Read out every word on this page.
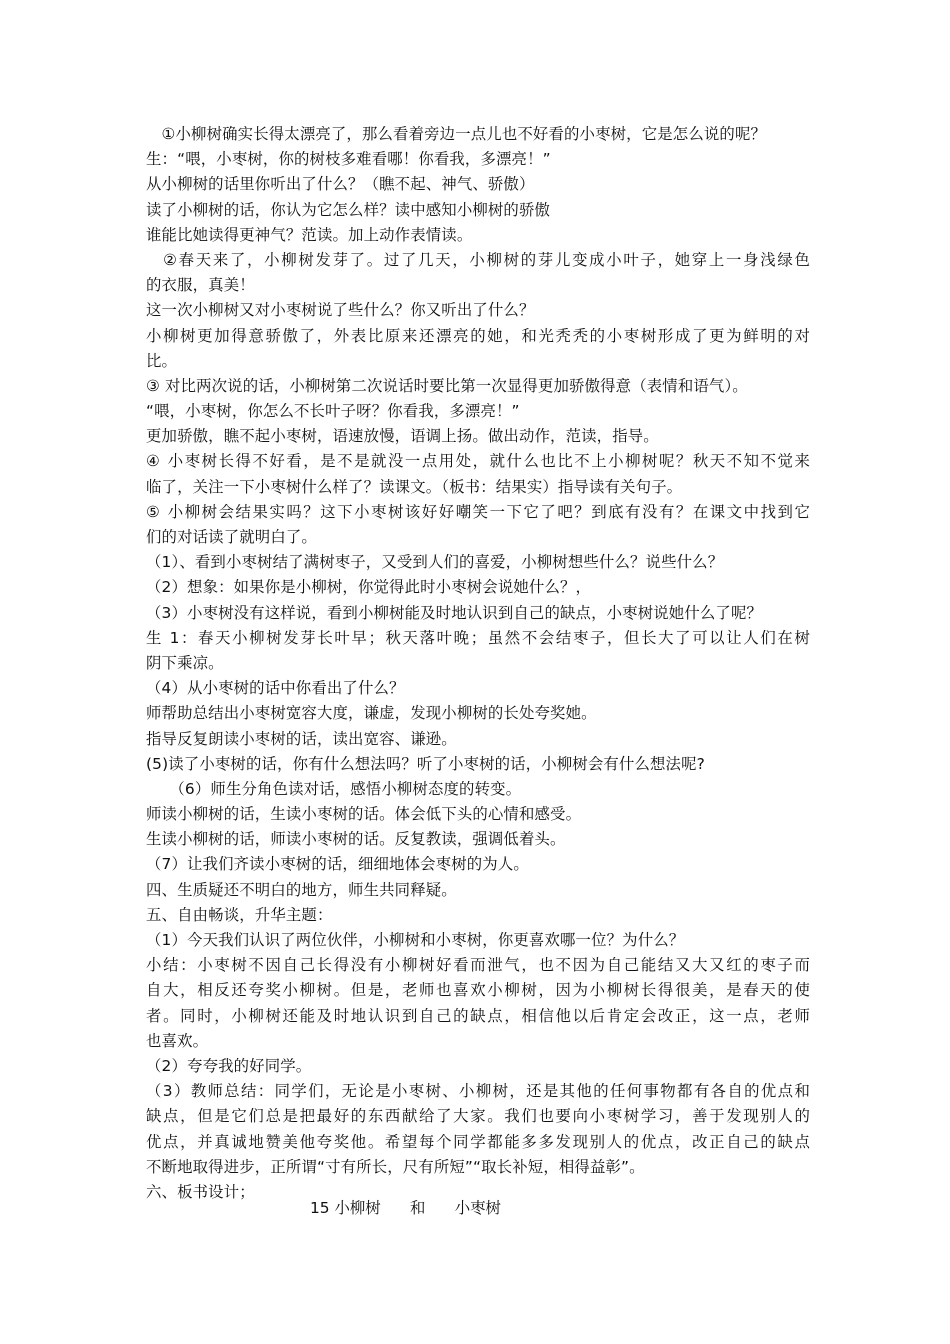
　①小柳树确实长得太漂亮了，那么看着旁边一点儿也不好看的小枣树，它是怎么说的呢？
生：“喂，小枣树，你的树枝多难看哪！你看我，多漂亮！”
从小柳树的话里你听出了什么？（瞧不起、神气、骄傲）
读了小柳树的话，你认为它怎么样？读中感知小柳树的骄傲
谁能比她读得更神气？范读。加上动作表情读。
　②春天来了，小柳树发芽了。过了几天，小柳树的芽儿变成小叶子，她穿上一身浅绿色
的衣服，真美！
这一次小柳树又对小枣树说了些什么？你又听出了什么？
小柳树更加得意骄傲了，外表比原来还漂亮的她，和光秃秃的小枣树形成了更为鲜明的对
比。
③ 对比两次说的话，小柳树第二次说话时要比第一次显得更加骄傲得意（表情和语气）。
“喂，小枣树，你怎么不长叶子呀？你看我，多漂亮！”
更加骄傲，瞧不起小枣树，语速放慢，语调上扬。做出动作，范读，指导。
④ 小枣树长得不好看，是不是就没一点用处，就什么也比不上小柳树呢？秋天不知不觉来
临了，关注一下小枣树什么样了？读课文。（板书：结果实）指导读有关句子。
⑤ 小柳树会结果实吗？这下小枣树该好好嘲笑一下它了吧？到底有没有？在课文中找到它
们的对话读了就明白了。
（1）、看到小枣树结了满树枣子，又受到人们的喜爱，小柳树想些什么？说些什么？
（2）想象：如果你是小柳树，你觉得此时小枣树会说她什么？，
（3）小枣树没有这样说，看到小柳树能及时地认识到自己的缺点，小枣树说她什么了呢？
生 1：春天小柳树发芽长叶早；秋天落叶晚；虽然不会结枣子，但长大了可以让人们在树
阴下乘凉。
（4）从小枣树的话中你看出了什么？
师帮助总结出小枣树宽容大度，谦虚，发现小柳树的长处夸奖她。
指导反复朗读小枣树的话，读出宽容、谦逊。
(5)读了小枣树的话，你有什么想法吗？听了小枣树的话，小柳树会有什么想法呢?
　　（6）师生分角色读对话，感悟小柳树态度的转变。
师读小柳树的话，生读小枣树的话。体会低下头的心情和感受。
生读小柳树的话，师读小枣树的话。反复教读，强调低着头。
（7）让我们齐读小枣树的话，细细地体会枣树的为人。
四、生质疑还不明白的地方，师生共同释疑。
五、自由畅谈，升华主题：
（1）今天我们认识了两位伙伴，小柳树和小枣树，你更喜欢哪一位？为什么？
小结：小枣树不因自己长得没有小柳树好看而泄气，也不因为自己能结又大又红的枣子而
自大，相反还夸奖小柳树。但是，老师也喜欢小柳树，因为小柳树长得很美，是春天的使
者。同时，小柳树还能及时地认识到自己的缺点，相信他以后肯定会改正，这一点，老师
也喜欢。
（2）夸夸我的好同学。
（3）教师总结：同学们，无论是小枣树、小柳树，还是其他的任何事物都有各自的优点和
缺点，但是它们总是把最好的东西献给了大家。我们也要向小枣树学习，善于发现别人的
优点，并真诚地赞美他夸奖他。希望每个同学都能多多发现别人的优点，改正自己的缺点
不断地取得进步，正所谓“寸有所长，尺有所短”“取长补短，相得益彰”。
六、板书设计；
15 小柳树      和      小枣树
